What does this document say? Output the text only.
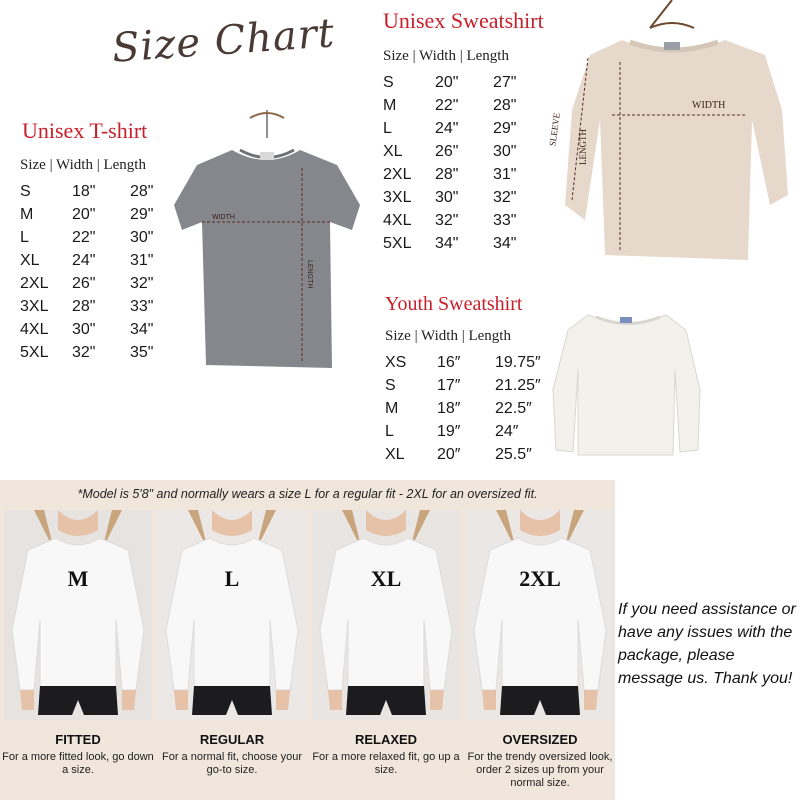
Size Chart
Unisex T-shirt
Size | Width | Length		
S	18"	28"
M	20"	29"
L	22"	30"
XL	24"	31"
2XL	26"	32"
3XL	28"	33"
4XL	30"	34"
5XL	32"	35"
WIDTH
LENGTH
Unisex Sweatshirt
Size | Width | Length		
S	20"	27"
M	22"	28"
L	24"	29"
XL	26"	30"
2XL	28"	31"
3XL	30"	32"
4XL	32"	33"
5XL	34"	34"
WIDTH
LENGTH
SLEEVE
Youth Sweatshirt
Size | Width | Length		
XS	16″	19.75″
S	17″	21.25″
M	18″	22.5″
L	19″	24″
XL	20″	25.5″
*Model is 5'8" and normally wears a size L for a regular fit - 2XL for an oversized fit.
M
FITTED
For a more fitted look, go down a size.
L
REGULAR
For a normal fit, choose your go-to size.
XL
RELAXED
For a more relaxed fit, go up a size.
2XL
OVERSIZED
For the trendy oversized look, order 2 sizes up from your normal size.
If you need assistance or have any issues with the package, please message us. Thank you!
